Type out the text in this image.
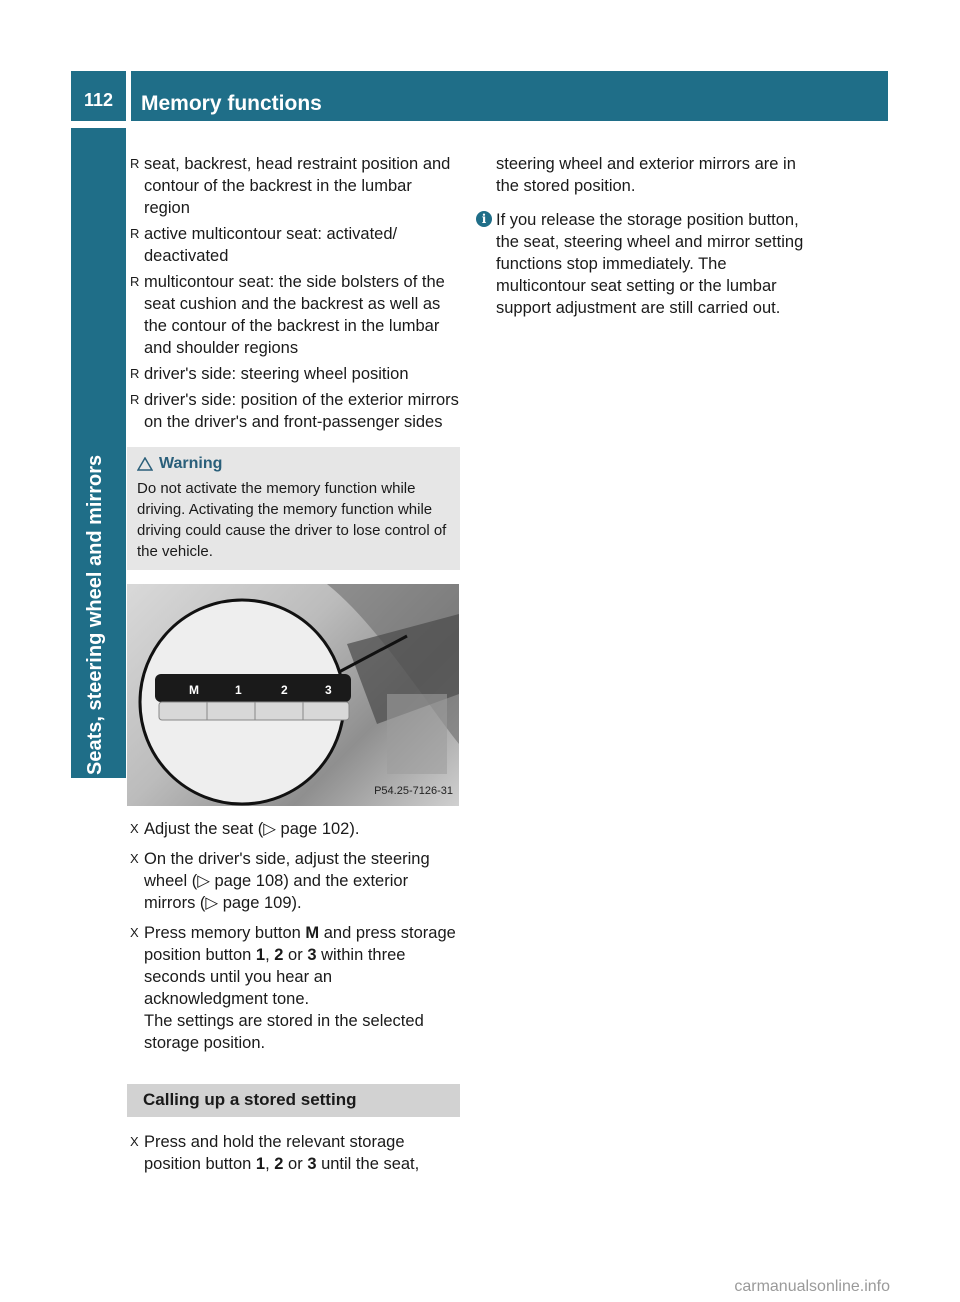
112	Memory functions
Seats, steering wheel and mirrors
R seat, backrest, head restraint position and contour of the backrest in the lumbar region
R active multicontour seat: activated/ deactivated
R multicontour seat: the side bolsters of the seat cushion and the backrest as well as the contour of the backrest in the lumbar and shoulder regions
R driver's side: steering wheel position
R driver's side: position of the exterior mirrors on the driver's and front-passenger sides
Warning
Do not activate the memory function while driving. Activating the memory function while driving could cause the driver to lose control of the vehicle.
M	1	2	3
P54.25-7126-31
X Adjust the seat (▷ page 102).
X On the driver's side, adjust the steering wheel (▷ page 108) and the exterior mirrors (▷ page 109).
X Press memory button M and press storage position button 1, 2 or 3 within three seconds until you hear an acknowledgment tone.
The settings are stored in the selected storage position.
Calling up a stored setting
X Press and hold the relevant storage position button 1, 2 or 3 until the seat,
steering wheel and exterior mirrors are in the stored position.
i If you release the storage position button, the seat, steering wheel and mirror setting functions stop immediately. The multicontour seat setting or the lumbar support adjustment are still carried out.
carmanualsonline.info
